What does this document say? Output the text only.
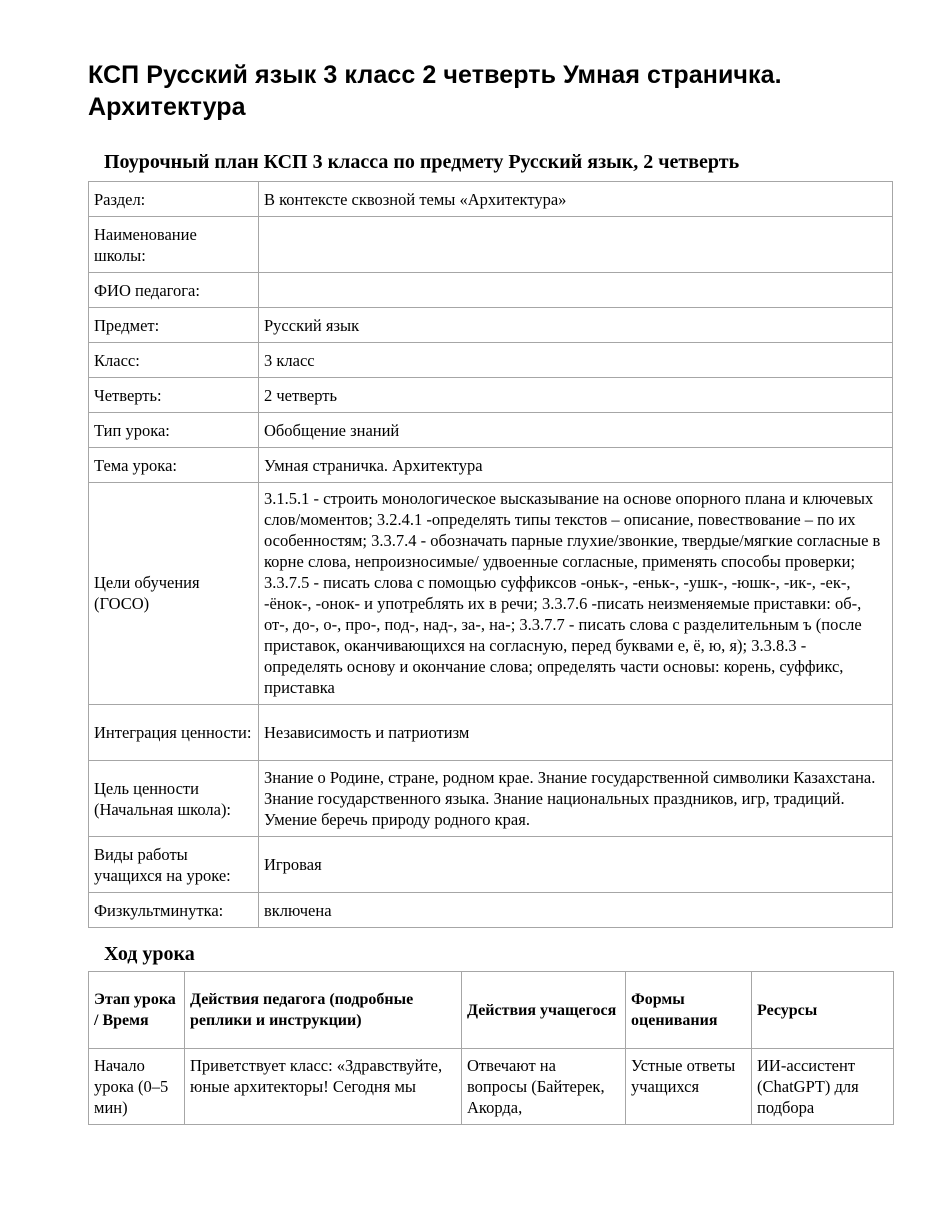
КСП Русский язык 3 класс 2 четверть Умная страничка. Архитектура
Поурочный план КСП 3 класса по предмету Русский язык, 2 четверть
Раздел:	В контексте сквозной темы «Архитектура»
Наименование школы:	
ФИО педагога:	
Предмет:	Русский язык
Класс:	3 класс
Четверть:	2 четверть
Тип урока:	Обобщение знаний
Тема урока:	Умная страничка. Архитектура
Цели обучения (ГОСО)	3.1.5.1 - строить монологическое высказывание на основе опорного плана и ключевых слов/моментов; 3.2.4.1 -определять типы текстов – описание, повествование – по их особенностям; 3.3.7.4 - обозначать парные глухие/звонкие, твердые/мягкие согласные в корне слова, непроизносимые/ удвоенные согласные, применять способы проверки; 3.3.7.5 - писать слова с помощью суффиксов -оньк-, -еньк-, -ушк-, -юшк-, -ик-, -ек-, -ёнок-, -онок- и употреблять их в речи; 3.3.7.6 -писать неизменяемые приставки: об-, от-, до-, о-, про-, под-, над-, за-, на-; 3.3.7.7 - писать слова с разделительным ъ (после приставок, оканчивающихся на согласную, перед буквами е, ё, ю, я); 3.3.8.3 - определять основу и окончание слова; определять части основы: корень, суффикс, приставка
Интеграция ценности:	Независимость и патриотизм
Цель ценности (Начальная школа):	Знание о Родине, стране, родном крае. Знание государственной символики Казахстана. Знание государственного языка. Знание национальных праздников, игр, традиций. Умение беречь природу родного края.
Виды работы учащихся на уроке:	Игровая
Физкультминутка:	включена
Ход урока
Этап урока / Время	Действия педагога (подробные реплики и инструкции)	Действия учащегося	Формы оценивания	Ресурсы
Начало урока (0–5 мин)	Приветствует класс: «Здравствуйте, юные архитекторы! Сегодня мы	Отвечают на вопросы (Байтерек, Акорда,	Устные ответы учащихся	ИИ-ассистент (ChatGPT) для подбора
